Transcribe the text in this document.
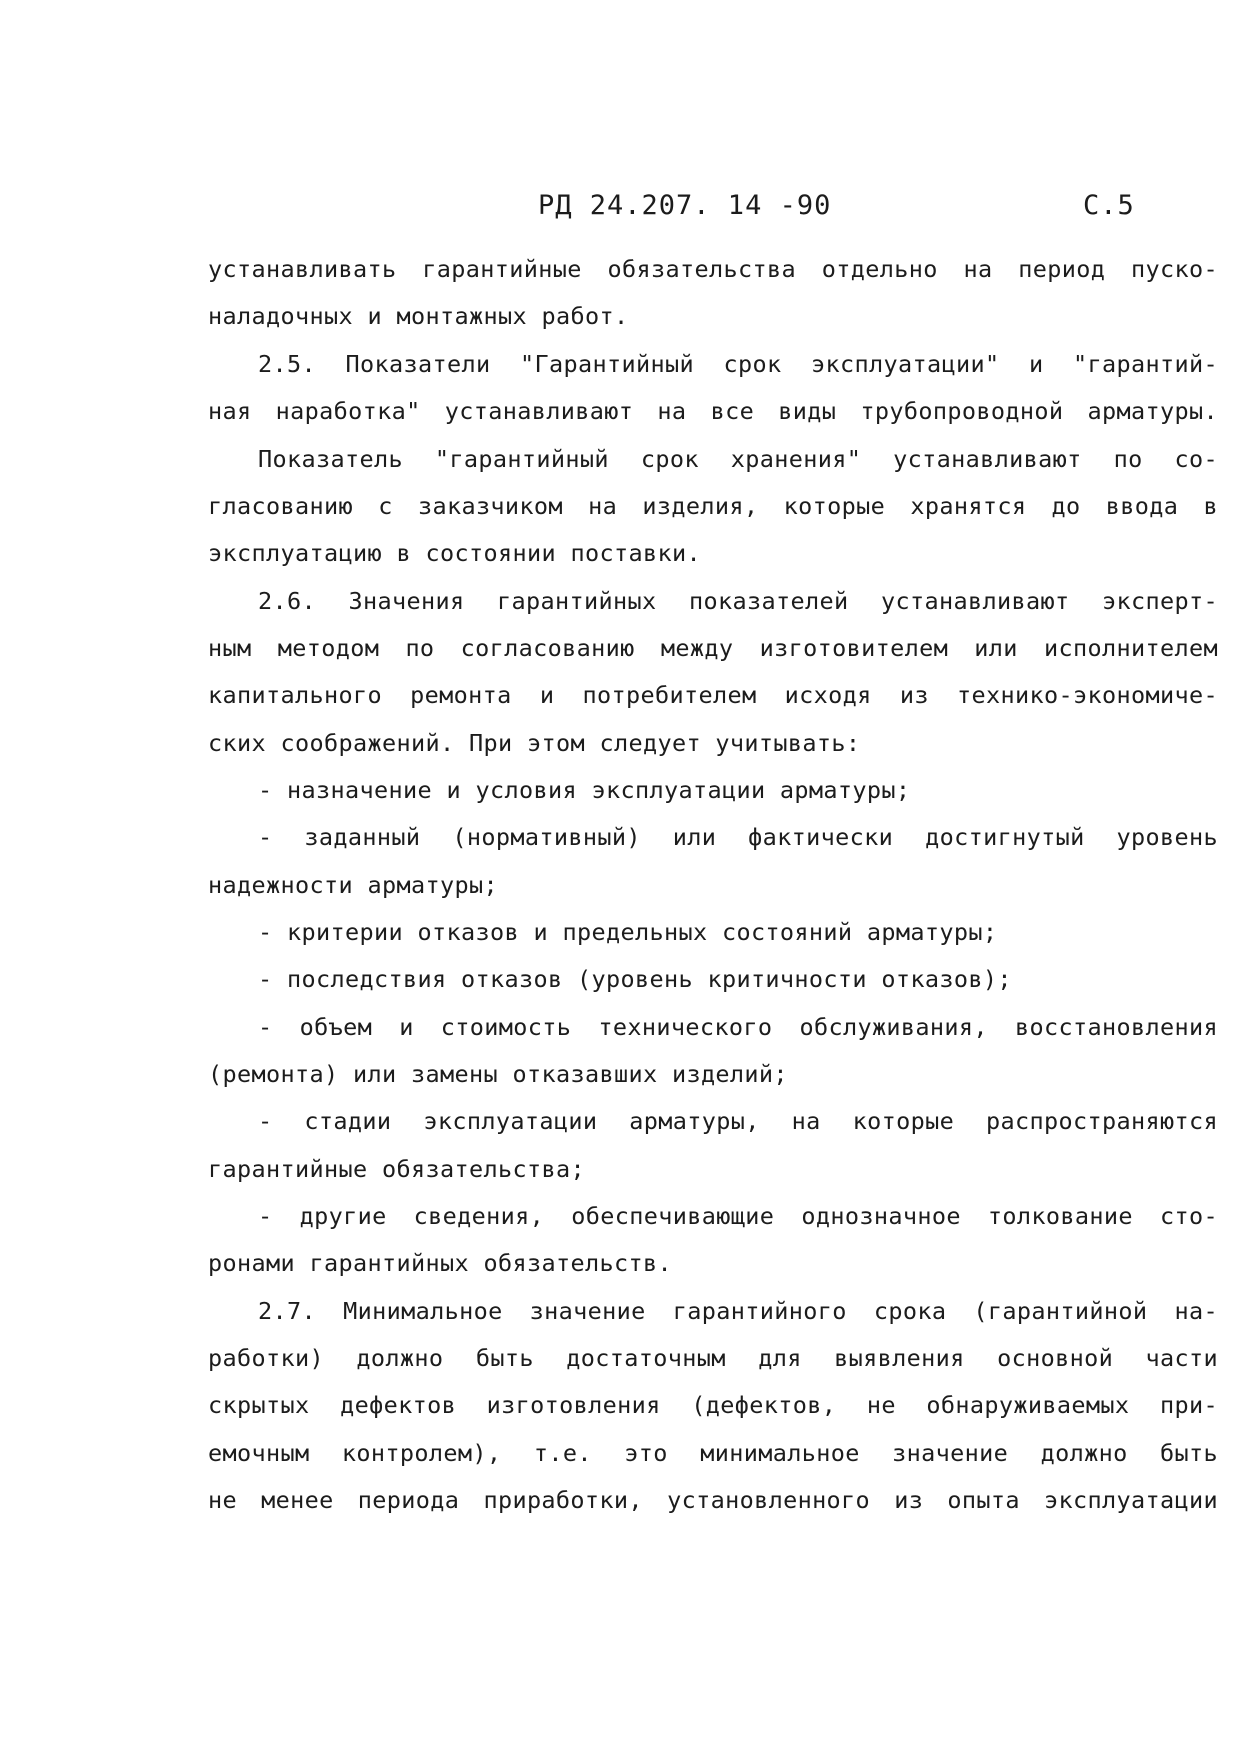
РД 24.207. 14 -90	С.5
устанавливать гарантийные обязательства отдельно на период пуско-
наладочных и монтажных работ.
2.5. Показатели "Гарантийный срок эксплуатации" и "гарантий-
ная наработка" устанавливают на все виды трубопроводной арматуры.
Показатель "гарантийный срок хранения" устанавливают по со-
гласованию с заказчиком на изделия, которые хранятся до ввода в
эксплуатацию в состоянии поставки.
2.6. Значения гарантийных показателей устанавливают эксперт-
ным методом по согласованию между изготовителем или исполнителем
капитального ремонта и потребителем исходя из технико-экономиче-
ских соображений. При этом следует учитывать:
- назначение и условия эксплуатации арматуры;
- заданный (нормативный) или фактически достигнутый уровень
надежности арматуры;
- критерии отказов и предельных состояний арматуры;
- последствия отказов (уровень критичности отказов);
- объем и стоимость технического обслуживания, восстановления
(ремонта) или замены отказавших изделий;
- стадии эксплуатации арматуры, на которые распространяются
гарантийные обязательства;
- другие сведения, обеспечивающие однозначное толкование сто-
ронами гарантийных обязательств.
2.7. Минимальное значение гарантийного срока (гарантийной на-
работки) должно быть достаточным для выявления основной части
скрытых дефектов изготовления (дефектов, не обнаруживаемых при-
емочным контролем), т.е. это минимальное значение должно быть
не менее периода приработки, установленного из опыта эксплуатации
